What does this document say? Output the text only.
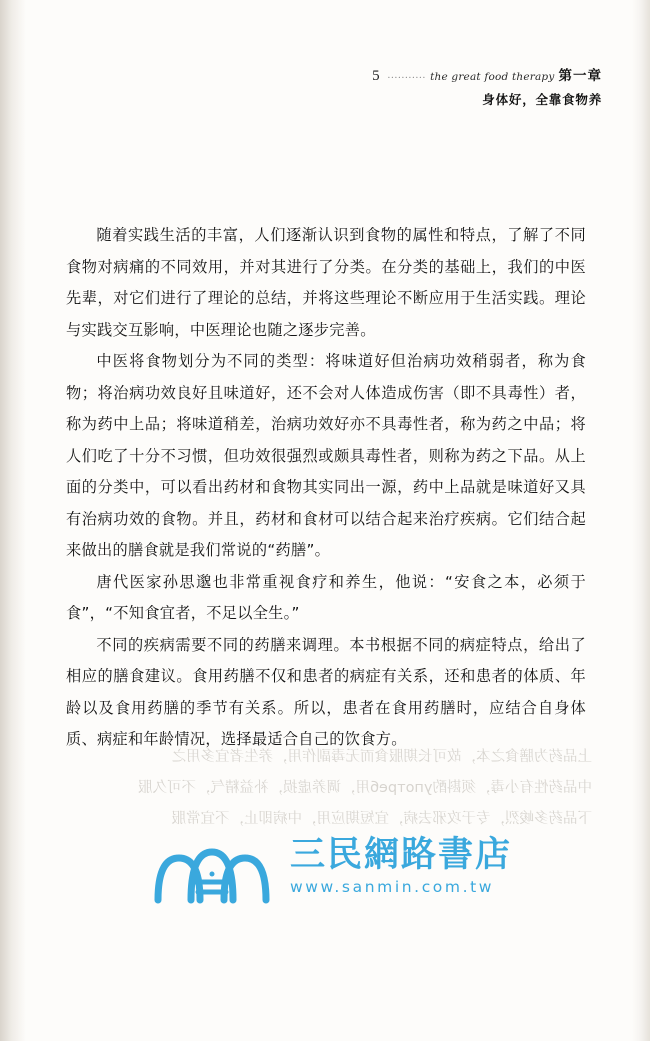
5 ........... the great food therapy 第一章
身体好，全靠食物养

上品药为膳食之本，故可长期服食而无毒副作用，养生者宜多用之

中品药性有小毒，须斟酌употреб用，调养虚损，补益精气，不可久服

下品药多峻烈，专于攻邪去病，宜短期应用，中病即止，不宜常服

随着实践生活的丰富，人们逐渐认识到食物的属性和特点，了解了不同食物对病痛的不同效用，并对其进行了分类。在分类的基础上，我们的中医先辈，对它们进行了理论的总结，并将这些理论不断应用于生活实践。理论与实践交互影响，中医理论也随之逐步完善。

中医将食物划分为不同的类型：将味道好但治病功效稍弱者，称为食物；将治病功效良好且味道好，还不会对人体造成伤害（即不具毒性）者，称为药中上品；将味道稍差，治病功效好亦不具毒性者，称为药之中品；将人们吃了十分不习惯，但功效很强烈或颇具毒性者，则称为药之下品。从上面的分类中，可以看出药材和食物其实同出一源，药中上品就是味道好又具有治病功效的食物。并且，药材和食材可以结合起来治疗疾病。它们结合起来做出的膳食就是我们常说的“药膳”。

唐代医家孙思邈也非常重视食疗和养生，他说：“安食之本，必须于食”，“不知食宜者，不足以全生。”

不同的疾病需要不同的药膳来调理。本书根据不同的病症特点，给出了相应的膳食建议。食用药膳不仅和患者的病症有关系，还和患者的体质、年龄以及食用药膳的季节有关系。所以，患者在食用药膳时，应结合自身体质、病症和年龄情况，选择最适合自己的饮食方。

三民網路書店
www.sanmin.com.tw
